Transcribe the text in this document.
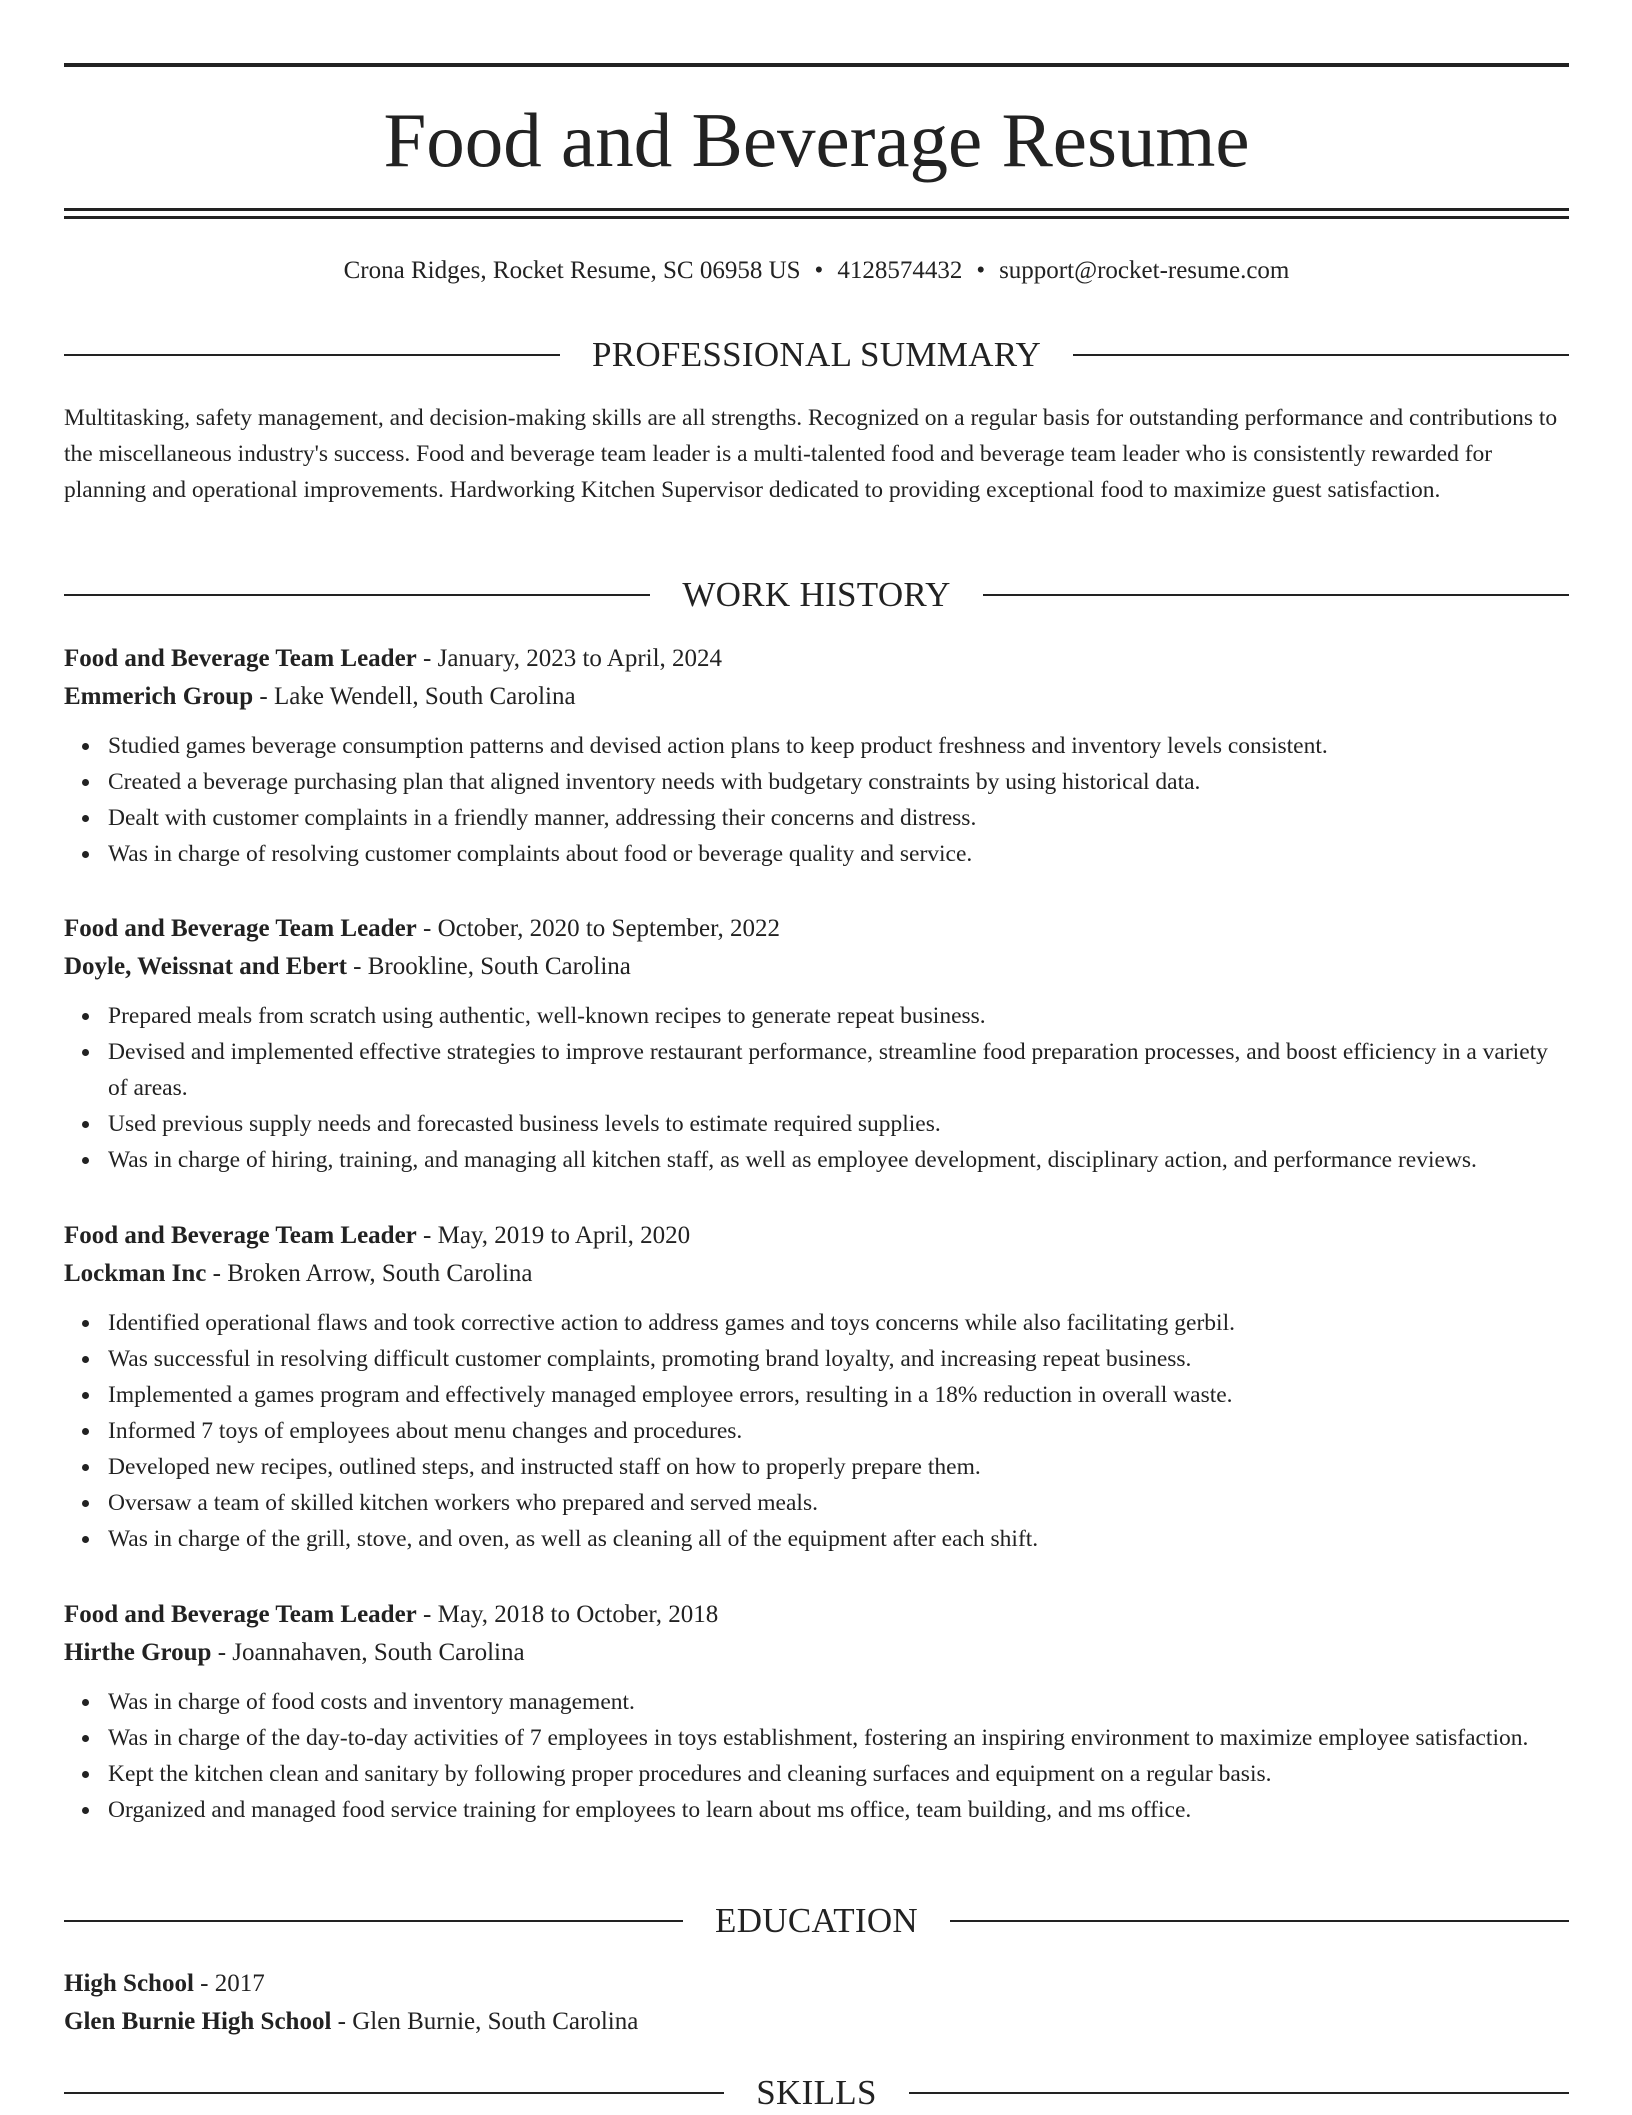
Food and Beverage Resume
Crona Ridges, Rocket Resume, SC 06958 US • 4128574432 • support@rocket-resume.com
PROFESSIONAL SUMMARY

Multitasking, safety management, and decision-making skills are all strengths. Recognized on a regular basis for outstanding performance and contributions to the miscellaneous industry's success. Food and beverage team leader is a multi-talented food and beverage team leader who is consistently rewarded for planning and operational improvements. Hardworking Kitchen Supervisor dedicated to providing exceptional food to maximize guest satisfaction.

WORK HISTORY
Food and Beverage Team Leader - January, 2023 to April, 2024
Emmerich Group - Lake Wendell, South Carolina
Studied games beverage consumption patterns and devised action plans to keep product freshness and inventory levels consistent.
Created a beverage purchasing plan that aligned inventory needs with budgetary constraints by using historical data.
Dealt with customer complaints in a friendly manner, addressing their concerns and distress.
Was in charge of resolving customer complaints about food or beverage quality and service.
Food and Beverage Team Leader - October, 2020 to September, 2022
Doyle, Weissnat and Ebert - Brookline, South Carolina
Prepared meals from scratch using authentic, well-known recipes to generate repeat business.
Devised and implemented effective strategies to improve restaurant performance, streamline food preparation processes, and boost efficiency in a variety of areas.
Used previous supply needs and forecasted business levels to estimate required supplies.
Was in charge of hiring, training, and managing all kitchen staff, as well as employee development, disciplinary action, and performance reviews.
Food and Beverage Team Leader - May, 2019 to April, 2020
Lockman Inc - Broken Arrow, South Carolina
Identified operational flaws and took corrective action to address games and toys concerns while also facilitating gerbil.
Was successful in resolving difficult customer complaints, promoting brand loyalty, and increasing repeat business.
Implemented a games program and effectively managed employee errors, resulting in a 18% reduction in overall waste.
Informed 7 toys of employees about menu changes and procedures.
Developed new recipes, outlined steps, and instructed staff on how to properly prepare them.
Oversaw a team of skilled kitchen workers who prepared and served meals.
Was in charge of the grill, stove, and oven, as well as cleaning all of the equipment after each shift.
Food and Beverage Team Leader - May, 2018 to October, 2018
Hirthe Group - Joannahaven, South Carolina
Was in charge of food costs and inventory management.
Was in charge of the day-to-day activities of 7 employees in toys establishment, fostering an inspiring environment to maximize employee satisfaction.
Kept the kitchen clean and sanitary by following proper procedures and cleaning surfaces and equipment on a regular basis.
Organized and managed food service training for employees to learn about ms office, team building, and ms office.
EDUCATION
High School - 2017
Glen Burnie High School - Glen Burnie, South Carolina
SKILLS
